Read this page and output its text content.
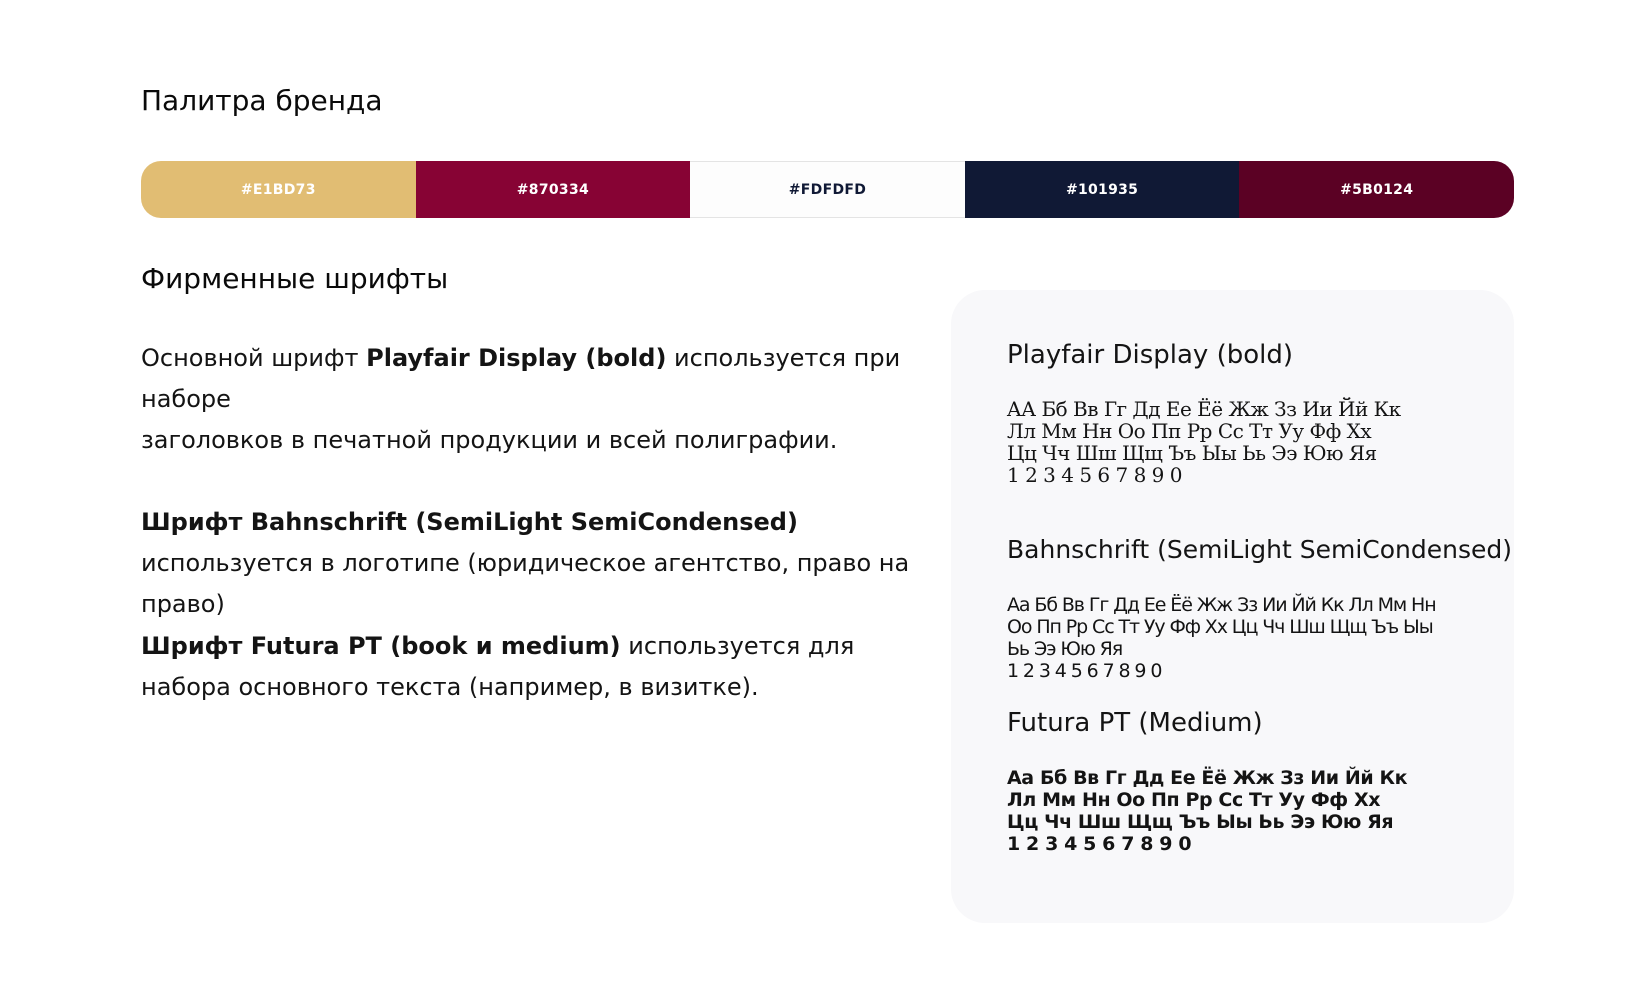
Палитра бренда
#E1BD73	#870334	#FDFDFD	#101935	#5B0124
Фирменные шрифты

Основной шрифт Playfair Display (bold) используется при наборе
заголовков в печатной продукции и всей полиграфии.

Шрифт Bahnschrift (SemiLight SemiCondensed) используется в логотипе (юридическое агентство, право на право)

Шрифт Futura PT (book и medium) используется для набора основного текста (например, в визитке).

Playfair Display (bold)

AА Бб Вв Гг Дд Ее Ёё Жж Зз Ии Йй Кк
Лл Мм Нн Оо Пп Рр Сс Тт Уу Фф Хх
Цц Чч Шш Щщ Ъъ Ыы Ьь Ээ Юю Яя
1 2 3 4 5 6 7 8 9 0

Bahnschrift (SemiLight SemiCondensed)

Аа Бб Вв Гг Дд Ее Ёё Жж Зз Ии Йй Кк Лл Мм Нн
Оо Пп Рр Сс Тт Уу Фф Хх Цц Чч Шш Щщ Ъъ Ыы
Ьь Ээ Юю Яя
1 2 3 4 5 6 7 8 9 0

Futura PT (Medium)

Аа Бб Вв Гг Дд Ее Ёё Жж Зз Ии Йй Кк
Лл Мм Нн Оо Пп Рр Сс Тт Уу Фф Хх
Цц Чч Шш Щщ Ъъ Ыы Ьь Ээ Юю Яя
1 2 3 4 5 6 7 8 9 0
